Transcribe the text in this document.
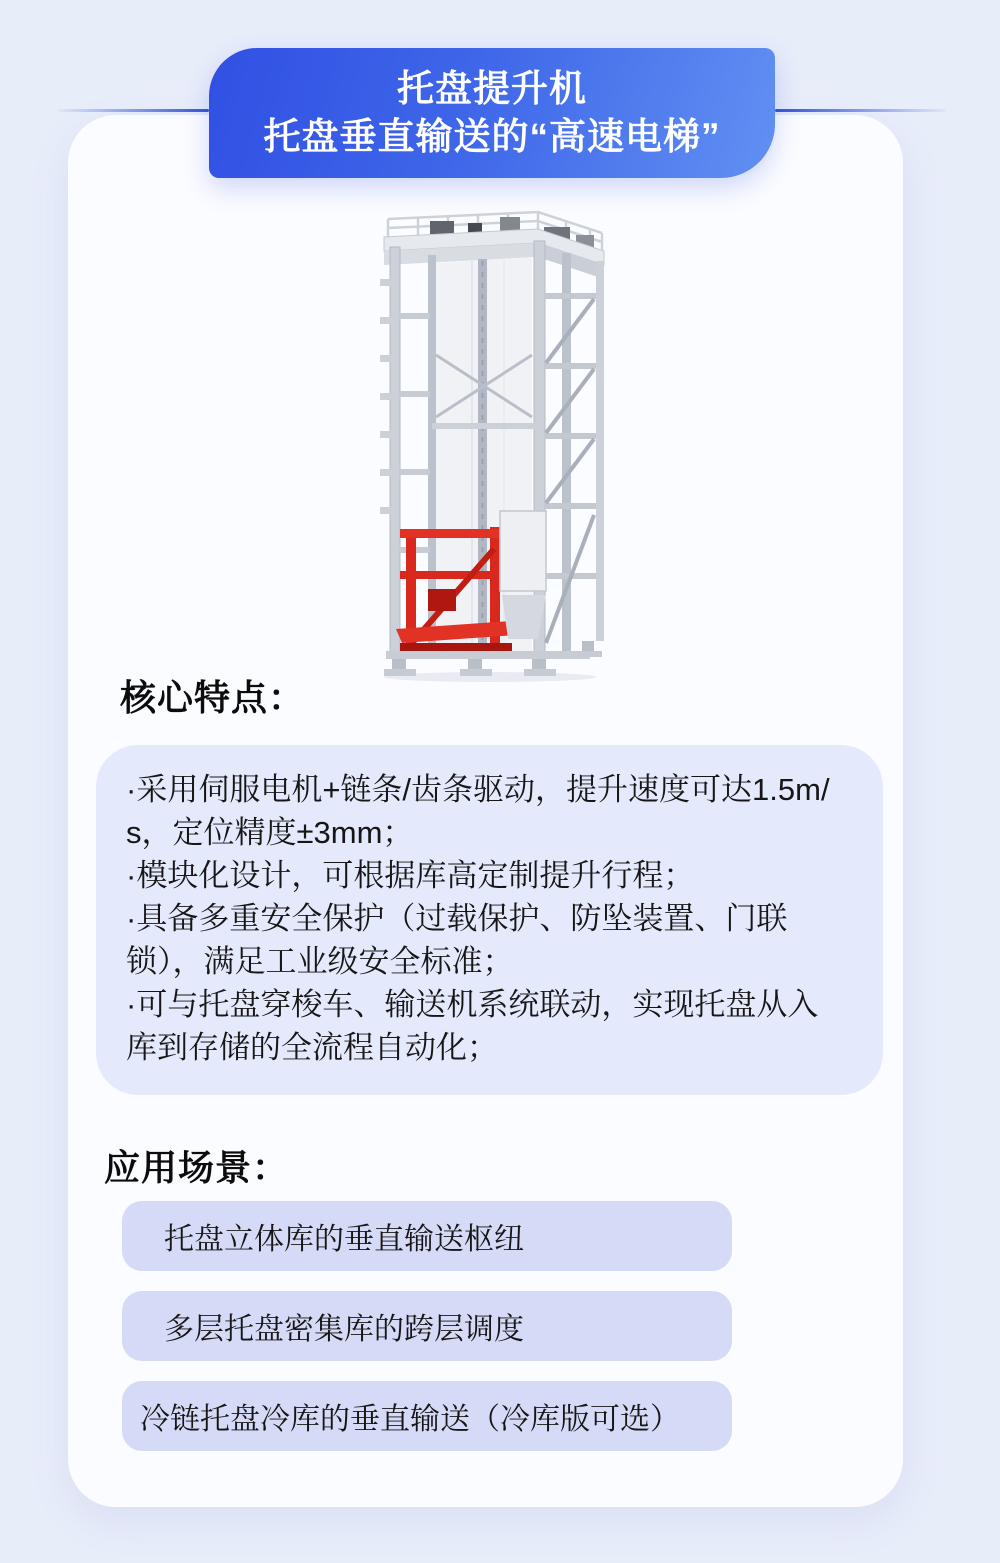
托盘提升机
托盘垂直输送的“高速电梯”
核心特点：
·采用伺服电机+链条/齿条驱动，提升速度可达1.5m/s，定位精度±3mm；
·模块化设计，可根据库高定制提升行程；
·具备多重安全保护（过载保护、防坠装置、门联锁），满足工业级安全标准；
·可与托盘穿梭车、输送机系统联动，实现托盘从入库到存储的全流程自动化；
应用场景：
托盘立体库的垂直输送枢纽
多层托盘密集库的跨层调度
冷链托盘冷库的垂直输送（冷库版可选）
